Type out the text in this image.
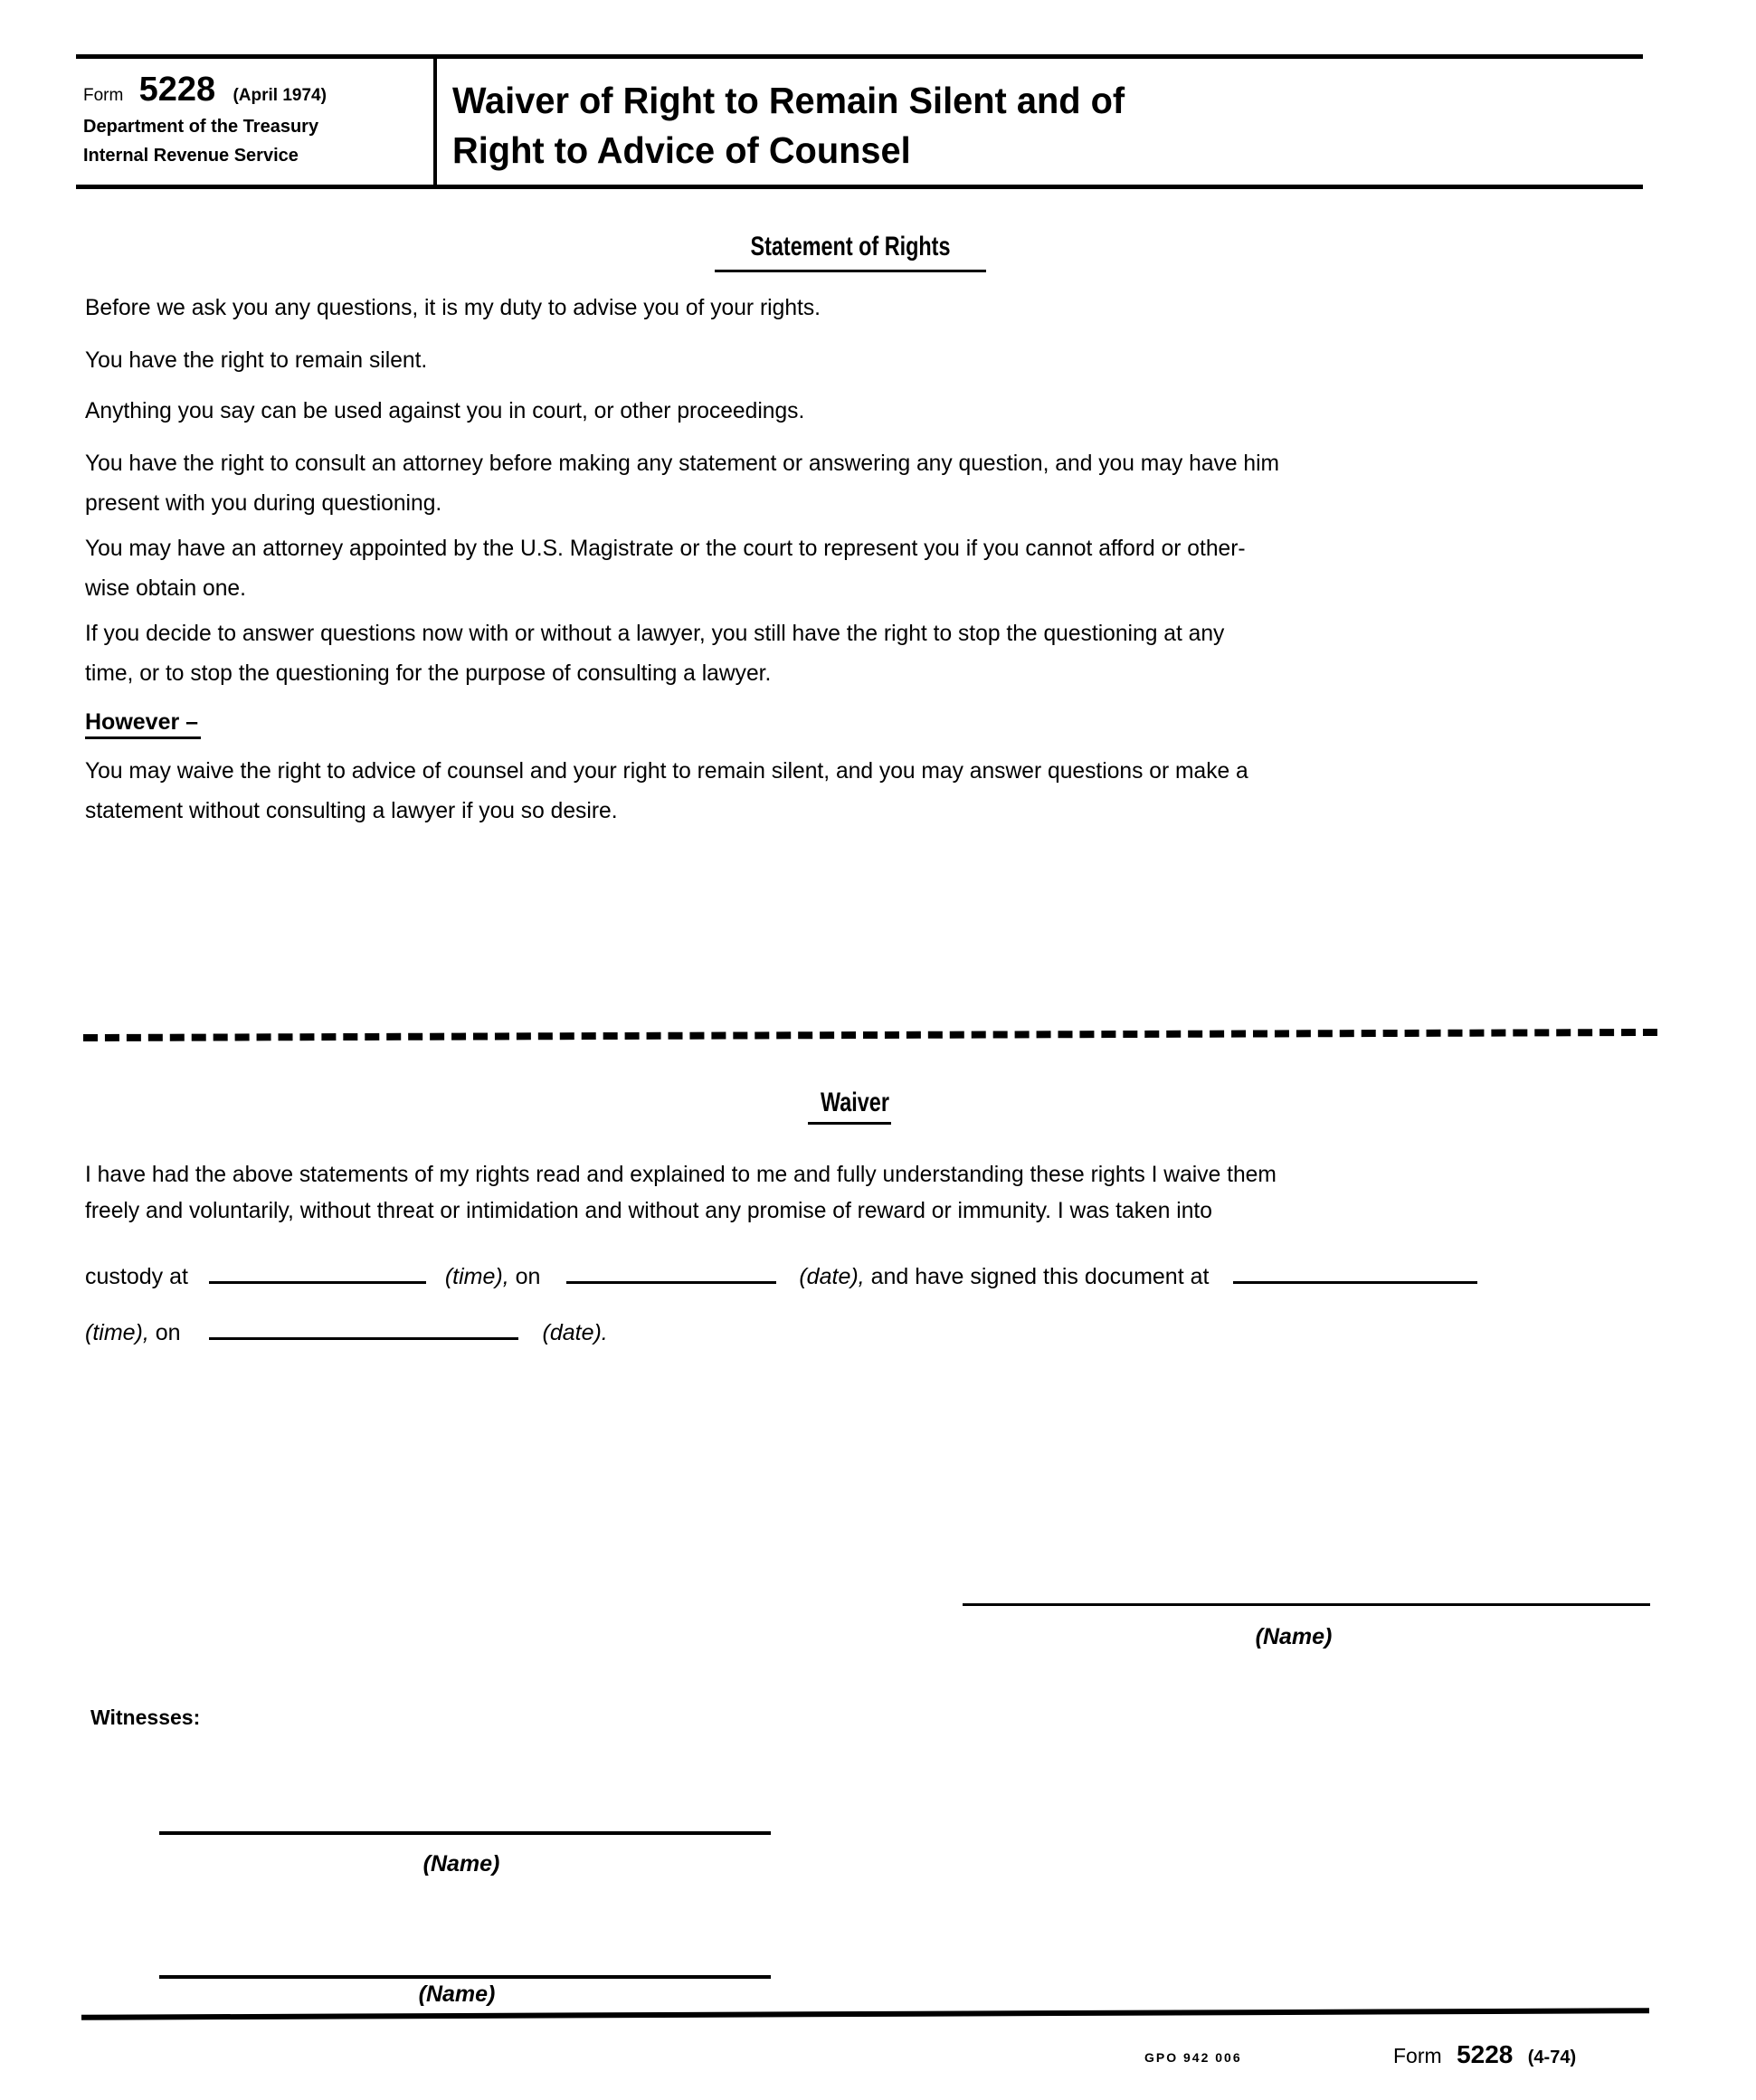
Form 5228 (April 1974)
Department of the Treasury
Internal Revenue Service
Waiver of Right to Remain Silent and of
Right to Advice of Counsel
Statement of Rights
Before we ask you any questions, it is my duty to advise you of your rights.
You have the right to remain silent.
Anything you say can be used against you in court, or other proceedings.
You have the right to consult an attorney before making any statement or answering any question, and you may have him
present with you during questioning.
You may have an attorney appointed by the U.S. Magistrate or the court to represent you if you cannot afford or other-
wise obtain one.
If you decide to answer questions now with or without a lawyer, you still have the right to stop the questioning at any
time, or to stop the questioning for the purpose of consulting a lawyer.
However –
You may waive the right to advice of counsel and your right to remain silent, and you may answer questions or make a
statement without consulting a lawyer if you so desire.
Waiver
I have had the above statements of my rights read and explained to me and fully understanding these rights I waive them
freely and voluntarily, without threat or intimidation and without any promise of reward or immunity. I was taken into
custody at	(time), on	(date), and have signed this document at
(time), on	(date).
(Name)
Witnesses:
(Name)
(Name)
GPO 942 006	Form 5228 (4-74)
